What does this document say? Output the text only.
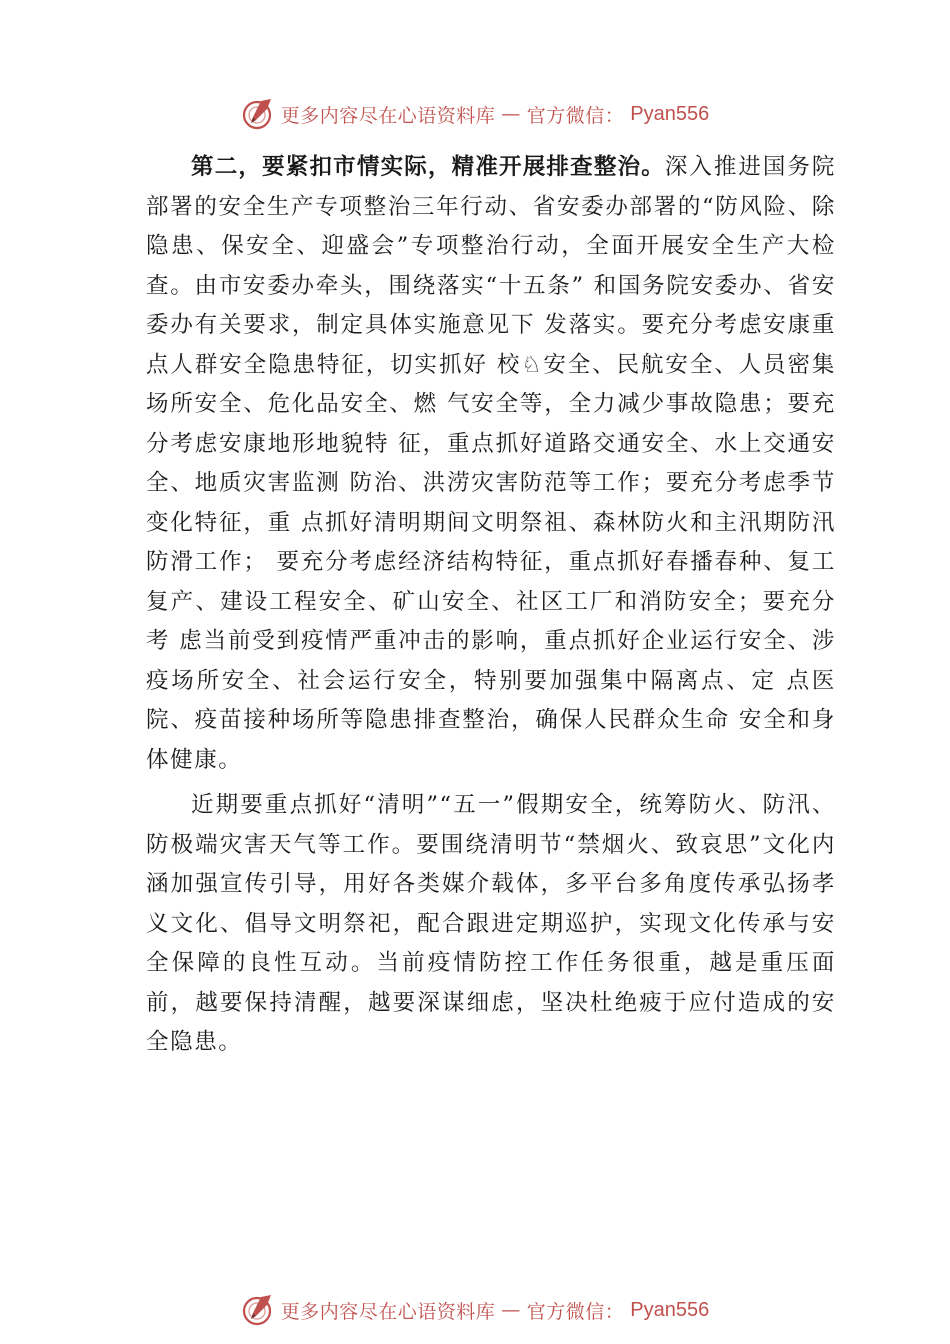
更多内容尽在心语资料库 — 官方微信： Pyan556

第二，要紧扣市情实际，精准开展排查整治。深入推进国务院部署的安全生产专项整治三年行动、省安委办部署的“防风险、除隐患、保安全、迎盛会”专项整治行动，全面开展安全生产大检查。由市安委办牵头，围绕落实“十五条” 和国务院安委办、省安委办有关要求，制定具体实施意见下 发落实。要充分考虑安康重点人群安全隐患特征，切实抓好 校♘安全、民航安全、人员密集场所安全、危化品安全、燃 气安全等，全力减少事故隐患；要充分考虑安康地形地貌特 征，重点抓好道路交通安全、水上交通安全、地质灾害监测 防治、洪涝灾害防范等工作；要充分考虑季节变化特征，重 点抓好清明期间文明祭祖、森林防火和主汛期防汛防滑工作； 要充分考虑经济结构特征，重点抓好春播春种、复工复产、建设工程安全、矿山安全、社区工厂和消防安全；要充分考 虑当前受到疫情严重冲击的影响，重点抓好企业运行安全、涉疫场所安全、社会运行安全，特别要加强集中隔离点、定 点医院、疫苗接种场所等隐患排查整治，确保人民群众生命 安全和身体健康。

近期要重点抓好“清明”“五一”假期安全，统筹防火、防汛、防极端灾害天气等工作。要围绕清明节“禁烟火、致哀思”文化内涵加强宣传引导，用好各类媒介载体，多平台多角度传承弘扬孝义文化、倡导文明祭祀，配合跟进定期巡护，实现文化传承与安全保障的良性互动。当前疫情防控工作任务很重，越是重压面前，越要保持清醒，越要深谋细虑，坚决杜绝疲于应付造成的安全隐患。

更多内容尽在心语资料库 — 官方微信： Pyan556
